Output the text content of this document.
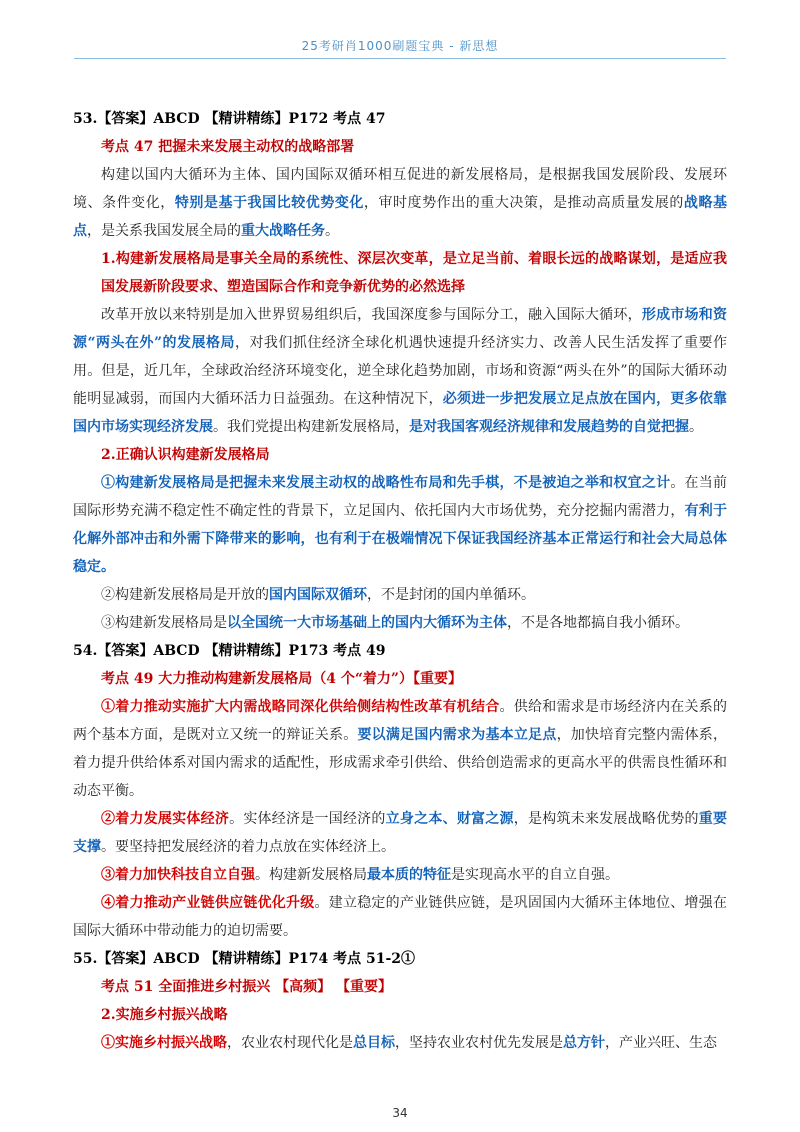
25考研肖1000刷题宝典 - 新思想

53.【答案】ABCD 【精讲精练】P172 考点 47

考点 47 把握未来发展主动权的战略部署

构建以国内大循环为主体、国内国际双循环相互促进的新发展格局，是根据我国发展阶段、发展环境、条件变化，特别是基于我国比较优势变化，审时度势作出的重大决策，是推动高质量发展的战略基点，是关系我国发展全局的重大战略任务。

1.构建新发展格局是事关全局的系统性、深层次变革，是立足当前、着眼长远的战略谋划，是适应我国发展新阶段要求、塑造国际合作和竞争新优势的必然选择

改革开放以来特别是加入世界贸易组织后，我国深度参与国际分工，融入国际大循环，形成市场和资源“两头在外”的发展格局，对我们抓住经济全球化机遇快速提升经济实力、改善人民生活发挥了重要作用。但是，近几年，全球政治经济环境变化，逆全球化趋势加剧，市场和资源“两头在外”的国际大循环动能明显减弱，而国内大循环活力日益强劲。在这种情况下，必须进一步把发展立足点放在国内，更多依靠国内市场实现经济发展。我们党提出构建新发展格局，是对我国客观经济规律和发展趋势的自觉把握。

2.正确认识构建新发展格局

①构建新发展格局是把握未来发展主动权的战略性布局和先手棋，不是被迫之举和权宜之计。在当前国际形势充满不稳定性不确定性的背景下，立足国内、依托国内大市场优势，充分挖掘内需潜力，有利于化解外部冲击和外需下降带来的影响，也有利于在极端情况下保证我国经济基本正常运行和社会大局总体稳定。

②构建新发展格局是开放的国内国际双循环，不是封闭的国内单循环。

③构建新发展格局是以全国统一大市场基础上的国内大循环为主体，不是各地都搞自我小循环。

54.【答案】ABCD 【精讲精练】P173 考点 49

考点 49 大力推动构建新发展格局（4 个“着力”）【重要】

①着力推动实施扩大内需战略同深化供给侧结构性改革有机结合。供给和需求是市场经济内在关系的两个基本方面，是既对立又统一的辩证关系。要以满足国内需求为基本立足点，加快培育完整内需体系，着力提升供给体系对国内需求的适配性，形成需求牵引供给、供给创造需求的更高水平的供需良性循环和动态平衡。

②着力发展实体经济。实体经济是一国经济的立身之本、财富之源，是构筑未来发展战略优势的重要支撑。要坚持把发展经济的着力点放在实体经济上。

③着力加快科技自立自强。构建新发展格局最本质的特征是实现高水平的自立自强。

④着力推动产业链供应链优化升级。建立稳定的产业链供应链，是巩固国内大循环主体地位、增强在国际大循环中带动能力的迫切需要。

55.【答案】ABCD 【精讲精练】P174 考点 51-2①

考点 51 全面推进乡村振兴 【高频】 【重要】

2.实施乡村振兴战略

①实施乡村振兴战略，农业农村现代化是总目标，坚持农业农村优先发展是总方针，产业兴旺、生态

34
